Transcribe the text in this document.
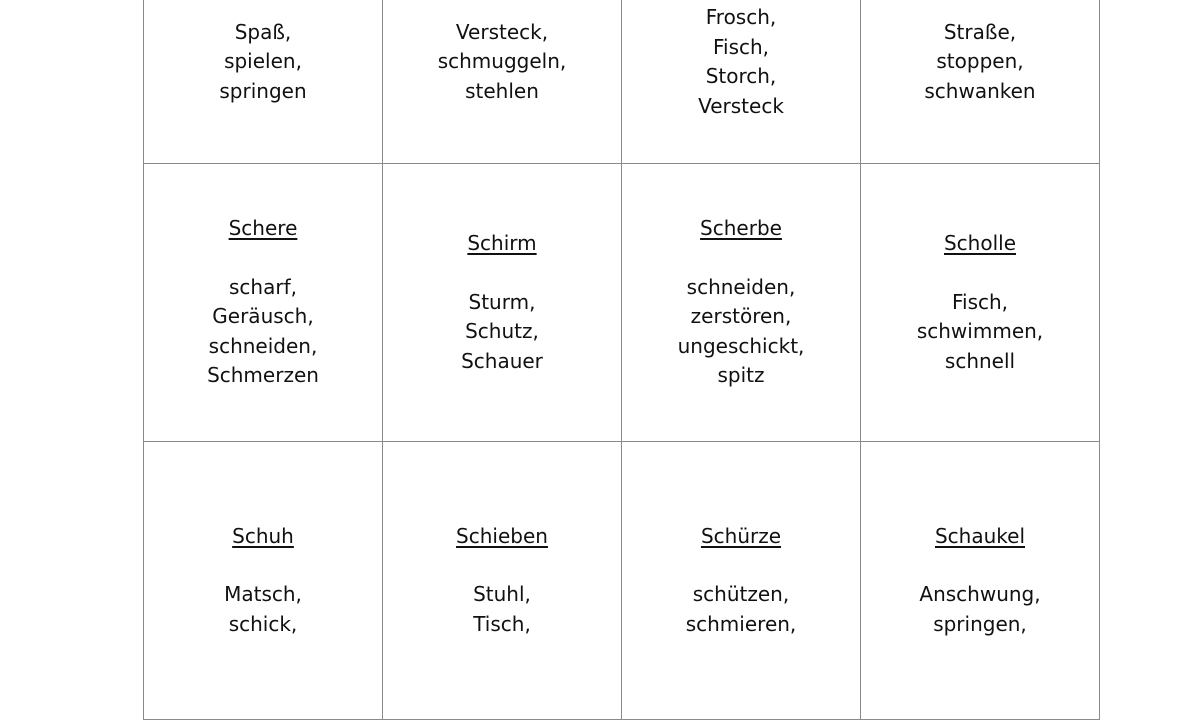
Spaß,
spielen,
springen
Versteck,
schmuggeln,
stehlen
Frosch,
Fisch,
Storch,
Versteck
Straße,
stoppen,
schwanken
Schere
scharf,
Geräusch,
schneiden,
Schmerzen
Schirm
Sturm,
Schutz,
Schauer
Scherbe
schneiden,
zerstören,
ungeschickt,
spitz
Scholle
Fisch,
schwimmen,
schnell
Schuh
Matsch,
schick,
Schieben
Stuhl,
Tisch,
Schürze
schützen,
schmieren,
Schaukel
Anschwung,
springen,
